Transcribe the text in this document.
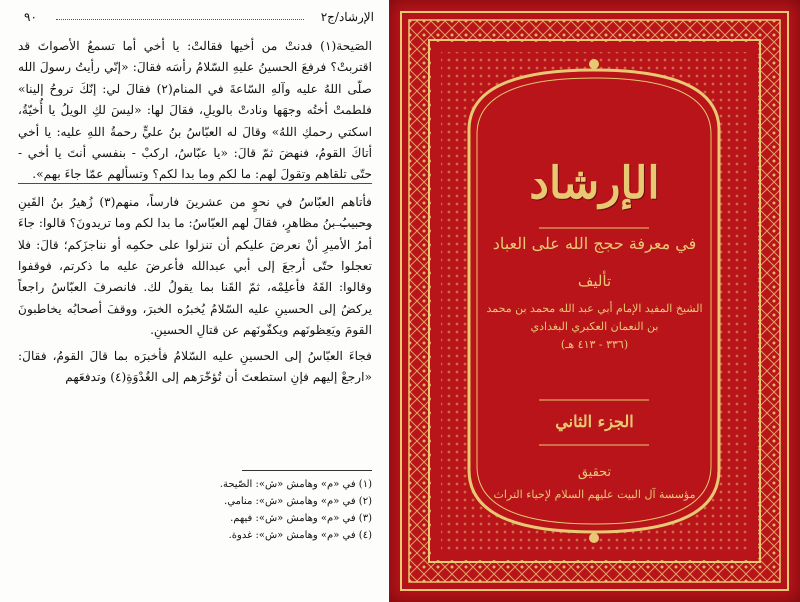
٩٠	الإرشاد/ج٢

الصَيحة(١) فدنتْ من أخيها فقالتْ: يا أخي أما تسمعُ الأصواتَ قد اقتربتْ؟ فرفعَ الحسينُ عليهِ السّلامُ رأسَه فقالَ: «إنّي رأيتُ رسولَ الله صلّى اللهُ عليه وآلهِ السّاعةَ في المنام(٢) فقالَ لي: إنّكَ تروحُ إلينا» فلطمتْ أختُه وجهَها ونادتْ بالويلِ، فقالَ لها: «ليسَ لكِ الويلُ يا أُخيّةُ، اسكتي رحمكِ اللهُ» وقالَ له العبّاسُ بنُ عليٍّ رحمةُ اللهِ عليه: يا أخي أتاكَ القومُ، فنهضَ ثمّ قالَ: «يا عبّاسُ، اركبْ - بنفسي أنتَ يا أخي - حتّى تلقاهم وتقولَ لهم: ما لكم وما بدا لكم؟ وتسألهم عمّا جاءَ بهم».

فأتاهم العبّاسُ في نحوٍ من عشرينَ فارساً، منهم(٣) زُهيرُ بنُ القَينِ وحبيبُ بنُ مظاهرٍ، فقالَ لهم العبّاسُ: ما بدا لكم وما تريدونَ؟ قالوا: جاءَ أمرُ الأميرِ أنْ نعرضَ عليكم أن تنزلوا على حكمِه أو نناجزَكم؛ قالَ: فلا تعجلوا حتّى أرجعَ إلى أبي عبدالله فأعرضَ عليه ما ذكرتم، فوقفوا وقالوا: القَهُ فأعلِمْه، ثمّ القَنا بما يقولُ لك. فانصرفَ العبّاسُ راجعاً يركضُ إلى الحسينِ عليه السّلامُ يُخبرُه الخبرَ، ووقفَ أصحابُه يخاطبونَ القومَ ويَعِظونَهم ويكفّونَهم عن قتالِ الحسينِ.

فجاءَ العبّاسُ إلى الحسينِ عليه السّلامُ فأخبرَه بما قالَ القومُ، فقالَ: «ارجعْ إليهم فإنِ استطعتَ أن تُؤخّرَهم إلى الغُدْوَةِ(٤) وتدفعَهم

(١) في «م» وهامش «ش»: الصّيحة.
(٢) في «م» وهامش «ش»: منامي.
(٣) في «م» وهامش «ش»: فيهم.
(٤) في «م» وهامش «ش»: غدوة.
الإرشاد
في معرفة حجج الله على العباد
تأليف
الشيخ المفيد الإمام أبي عبد الله محمد بن محمد بن النعمان العكبري البغدادي
(٣٣٦ - ٤١٣ هـ)
الجزء الثاني
تحقيق
مؤسسة آل البيت عليهم السلام لإحياء التراث
